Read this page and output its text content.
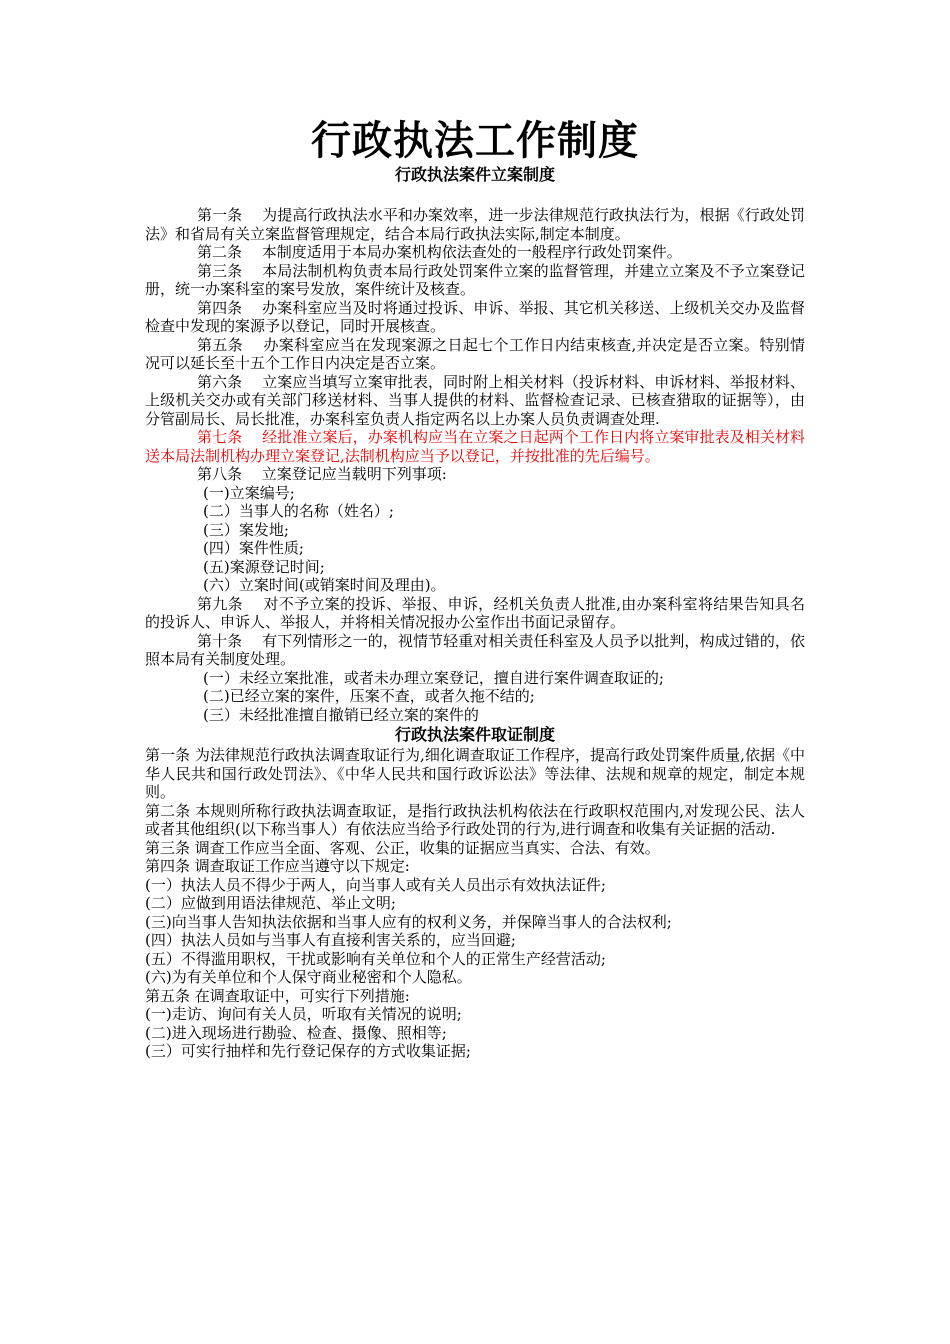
行政执法工作制度
行政执法案件立案制度

第一条　 为提高行政执法水平和办案效率，进一步法律规范行政执法行为，根据《行政处罚法》和省局有关立案监督管理规定，结合本局行政执法实际,制定本制度。

第二条　 本制度适用于本局办案机构依法查处的一般程序行政处罚案件。

第三条　 本局法制机构负责本局行政处罚案件立案的监督管理，并建立立案及不予立案登记册，统一办案科室的案号发放，案件统计及核查。

第四条　 办案科室应当及时将通过投诉、申诉、举报、其它机关移送、上级机关交办及监督检查中发现的案源予以登记，同时开展核查。

第五条　 办案科室应当在发现案源之日起七个工作日内结束核查,并决定是否立案。特别情况可以延长至十五个工作日内决定是否立案。

第六条　 立案应当填写立案审批表，同时附上相关材料（投诉材料、申诉材料、举报材料、上级机关交办或有关部门移送材料、当事人提供的材料、监督检查记录、已核查猎取的证据等），由分管副局长、局长批准，办案科室负责人指定两名以上办案人员负责调查处理.

第七条　 经批准立案后，办案机构应当在立案之日起两个工作日内将立案审批表及相关材料送本局法制机构办理立案登记,法制机构应当予以登记，并按批准的先后编号。

第八条　 立案登记应当载明下列事项:

(一)立案编号;

(二）当事人的名称（姓名）;

(三）案发地;

(四）案件性质;

(五)案源登记时间;

(六）立案时间(或销案时间及理由)。

第九条　 对不予立案的投诉、举报、申诉，经机关负责人批准,由办案科室将结果告知具名的投诉人、申诉人、举报人，并将相关情况报办公室作出书面记录留存。

第十条　 有下列情形之一的，视情节轻重对相关责任科室及人员予以批判，构成过错的，依照本局有关制度处理。

(一）未经立案批准，或者未办理立案登记，擅自进行案件调查取证的;

(二)已经立案的案件，压案不查，或者久拖不结的;

(三）未经批准擅自撤销已经立案的案件的

行政执法案件取证制度

第一条 为法律规范行政执法调查取证行为,细化调查取证工作程序，提高行政处罚案件质量,依据《中华人民共和国行政处罚法》、《中华人民共和国行政诉讼法》等法律、法规和规章的规定，制定本规则。

第二条 本规则所称行政执法调查取证，是指行政执法机构依法在行政职权范围内,对发现公民、法人或者其他组织(以下称当事人）有依法应当给予行政处罚的行为,进行调查和收集有关证据的活动.

第三条 调查工作应当全面、客观、公正，收集的证据应当真实、合法、有效。

第四条 调查取证工作应当遵守以下规定:

(一）执法人员不得少于两人，向当事人或有关人员出示有效执法证件;

(二）应做到用语法律规范、举止文明;

(三)向当事人告知执法依据和当事人应有的权利义务，并保障当事人的合法权利;

(四）执法人员如与当事人有直接利害关系的，应当回避;

(五）不得滥用职权，干扰或影响有关单位和个人的正常生产经营活动;

(六)为有关单位和个人保守商业秘密和个人隐私。

第五条 在调查取证中，可实行下列措施:

(一)走访、询问有关人员，听取有关情况的说明;

(二)进入现场进行勘验、检查、摄像、照相等;

(三）可实行抽样和先行登记保存的方式收集证据;
